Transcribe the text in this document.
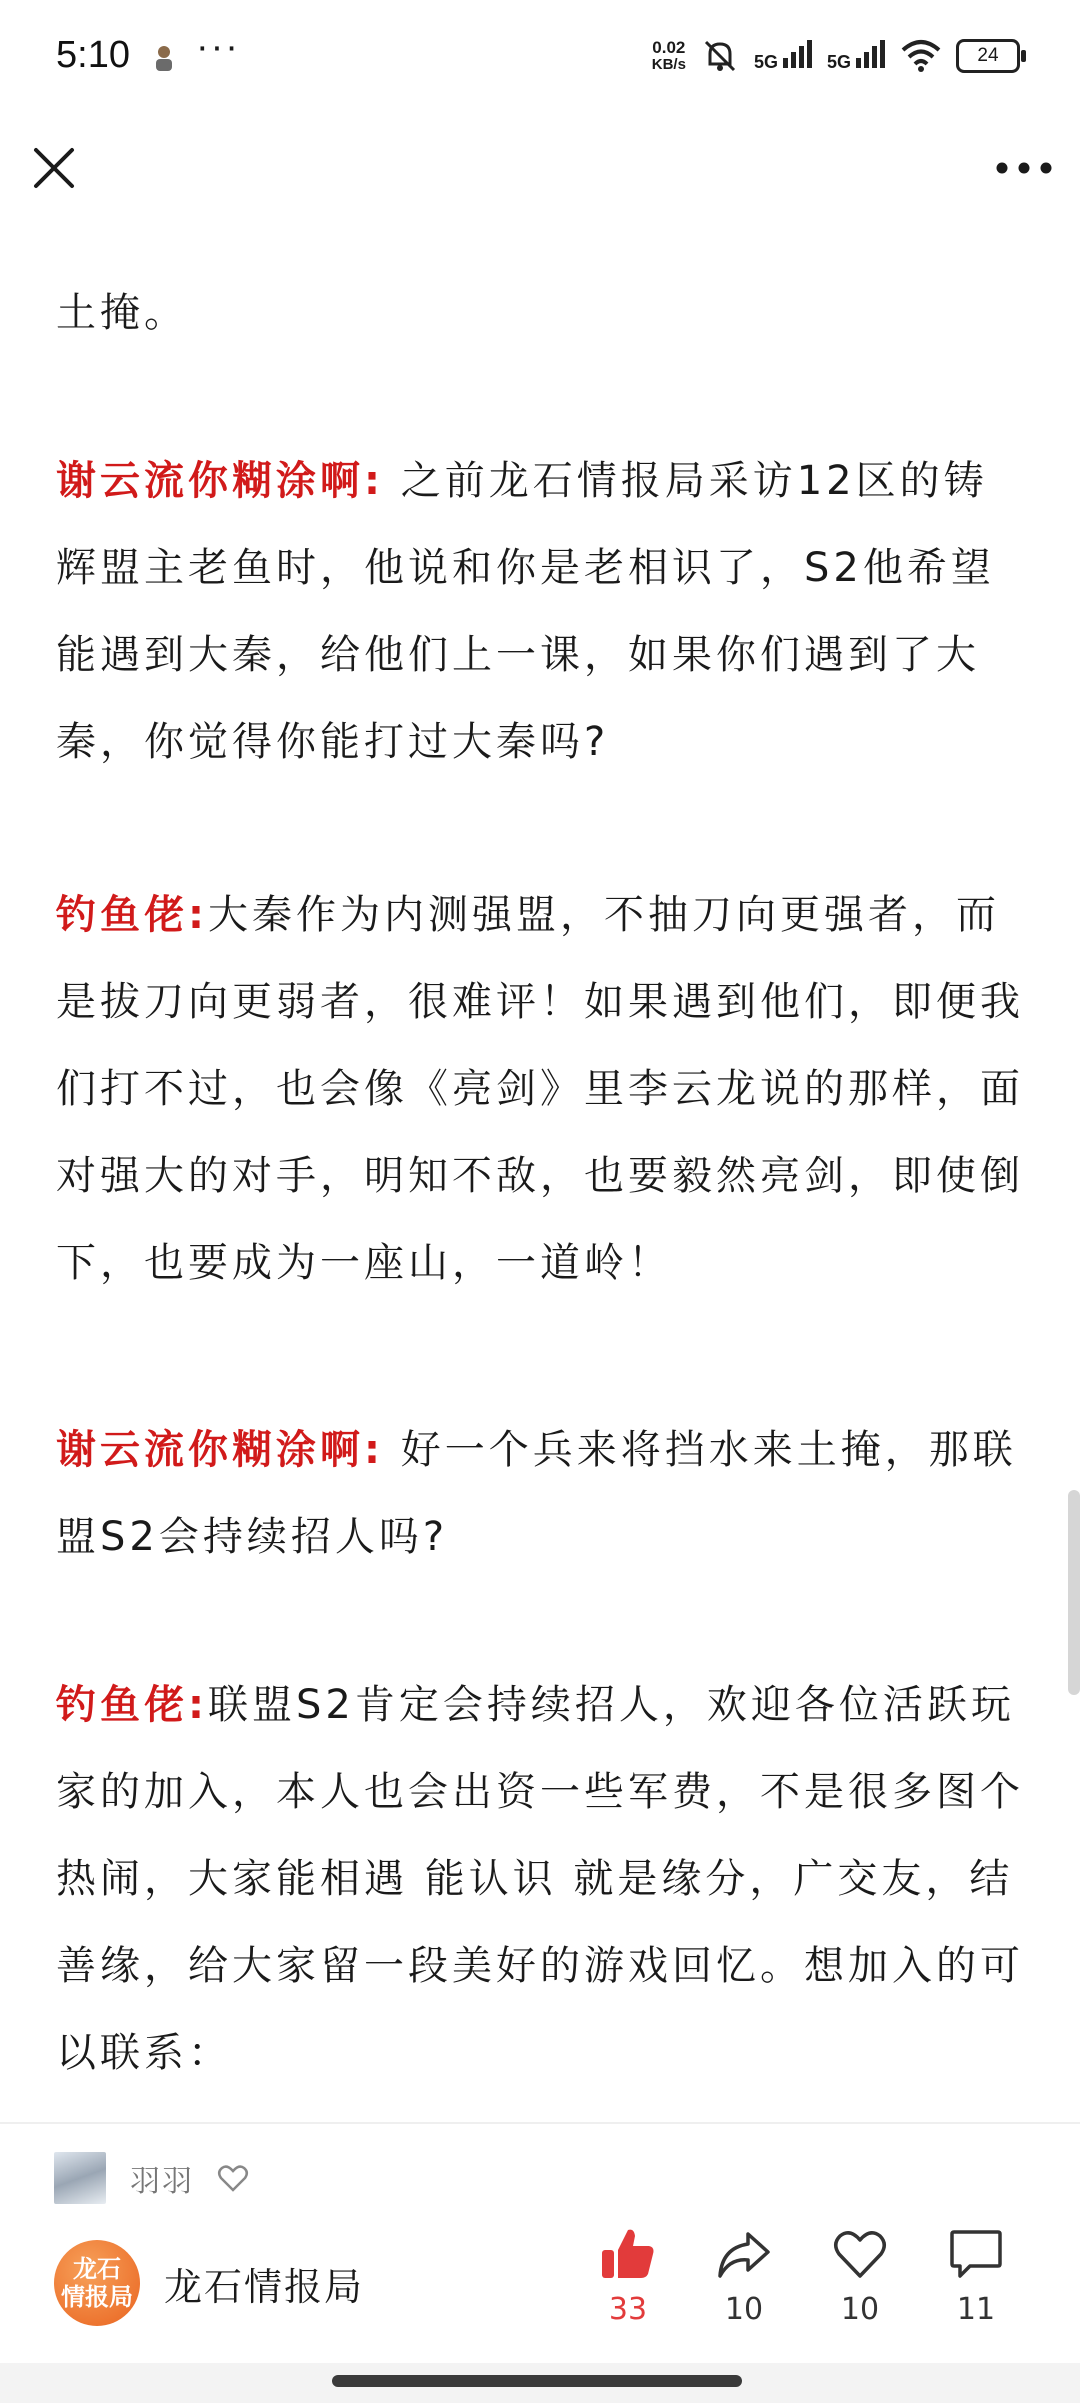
5:10 ···	0.02
KB/s	5G	5G	24

土掩。

谢云流你糊涂啊: 之前龙石情报局采访12区的铸辉盟主老鱼时，他说和你是老相识了，S2他希望能遇到大秦，给他们上一课，如果你们遇到了大秦，你觉得你能打过大秦吗?

钓鱼佬:大秦作为内测强盟，不抽刀向更强者，而是拔刀向更弱者，很难评！如果遇到他们，即便我们打不过，也会像《亮剑》里李云龙说的那样，面对强大的对手，明知不敌，也要毅然亮剑，即使倒下，也要成为一座山，一道岭！

谢云流你糊涂啊: 好一个兵来将挡水来土掩，那联盟S2会持续招人吗?

钓鱼佬:联盟S2肯定会持续招人，欢迎各位活跃玩家的加入，本人也会出资一些军费，不是很多图个热闹，大家能相遇 能认识 就是缘分，广交友，结善缘，给大家留一段美好的游戏回忆。想加入的可以联系：

羽羽
龙石
情报局 龙石情报局
33	10	10	11
